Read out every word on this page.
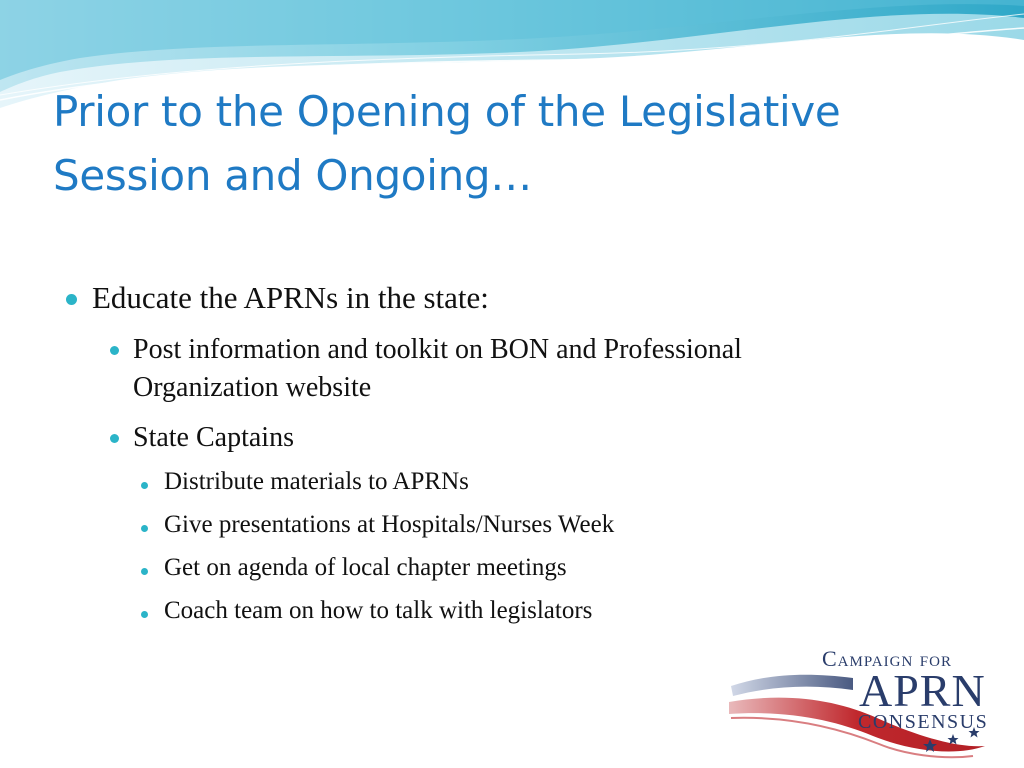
Prior to the Opening of the Legislative
Session and Ongoing…
Educate the APRNs in the state:
Post information and toolkit on BON and Professional
Organization website
State Captains
Distribute materials to APRNs
Give presentations at Hospitals/Nurses Week
Get on agenda of local chapter meetings
Coach team on how to talk with legislators
Campaign for
APRN
CONSENSUS
